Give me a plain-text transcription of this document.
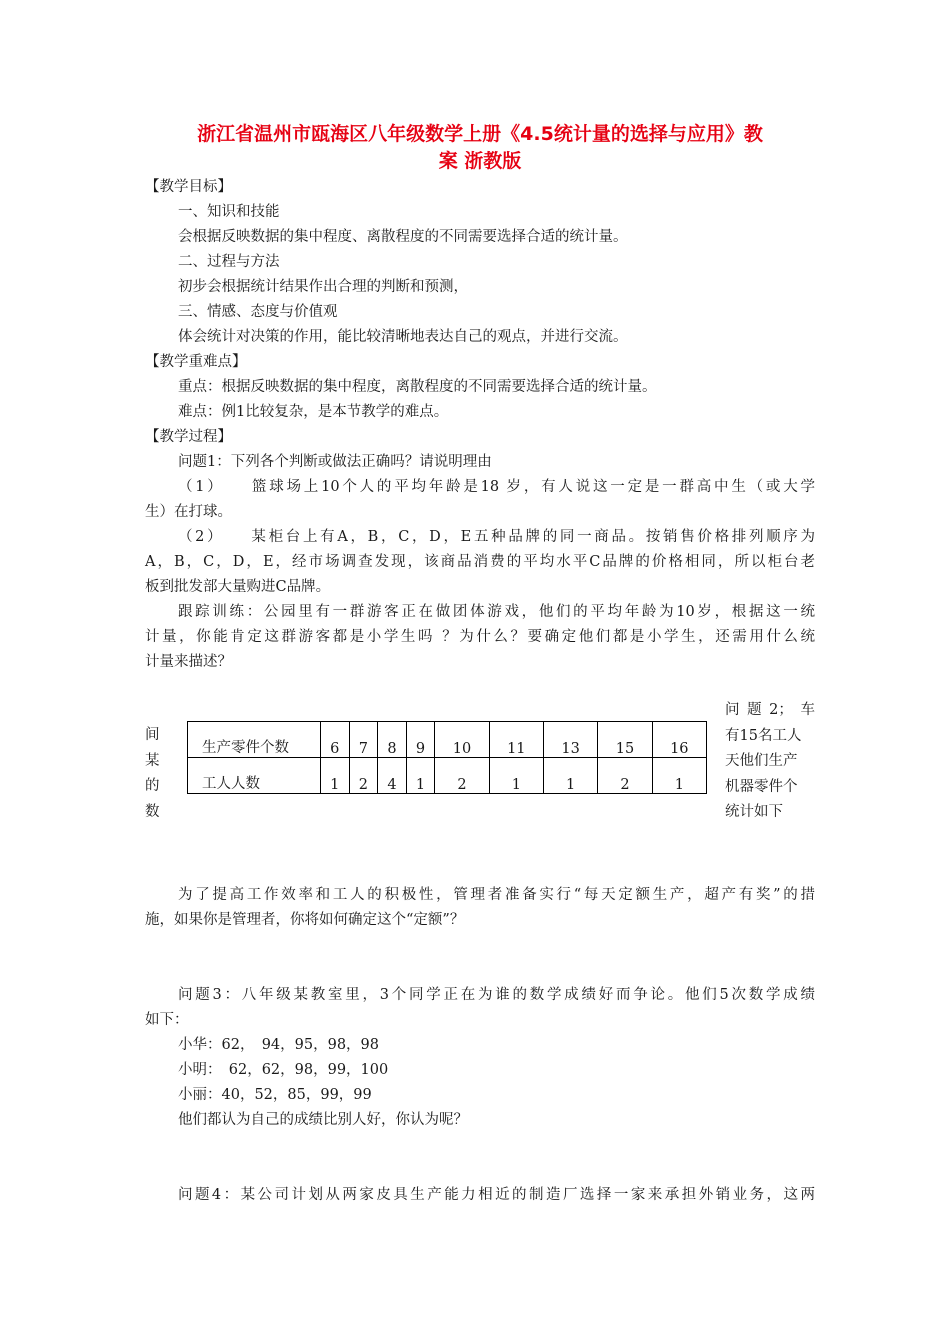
浙江省温州市瓯海区八年级数学上册《4.5统计量的选择与应用》教
案 浙教版
【教学目标】
一、知识和技能
会根据反映数据的集中程度、离散程度的不同需要选择合适的统计量。
二、过程与方法
初步会根据统计结果作出合理的判断和预测，
三、情感、态度与价值观
体会统计对决策的作用，能比较清晰地表达自己的观点，并进行交流。
【教学重难点】
重点：根据反映数据的集中程度，离散程度的不同需要选择合适的统计量。
难点：例1比较复杂，是本节教学的难点。
【教学过程】
问题1：下列各个判断或做法正确吗？请说明理由
（1）　　篮球场上10个人的平均年龄是18 岁，有人说这一定是一群高中生（或大学
生）在打球。
（2）　　某柜台上有A，B，C，D，E五种品牌的同一商品。按销售价格排列顺序为
A，B，C，D，E，经市场调查发现，该商品消费的平均水平C品牌的价格相同，所以柜台老
板到批发部大量购进C品牌。
跟踪训练：公园里有一群游客正在做团体游戏，他们的平均年龄为10岁，根据这一统
计量，你能肯定这群游客都是小学生吗 ？为什么？要确定他们都是小学生，还需用什么统
计量来描述？
问题2；车
有15名工人
天他们生产
机器零件个
统计如下
间
某
的
数
生产零件个数	6	7	8	9	10	11	13	15	16
工人人数	1	2	4	1	2	1	1	2	1
为了提高工作效率和工人的积极性，管理者准备实行“每天定额生产，超产有奖”的措
施，如果你是管理者，你将如何确定这个“定额”？
问题3：八年级某教室里，3个同学正在为谁的数学成绩好而争论。他们5次数学成绩
如下：
小华：62，　94，95，98，98
小明：　62，62，98，99，100
小丽：40，52，85，99，99
他们都认为自己的成绩比别人好，你认为呢？
问题4：某公司计划从两家皮具生产能力相近的制造厂选择一家来承担外销业务，这两
